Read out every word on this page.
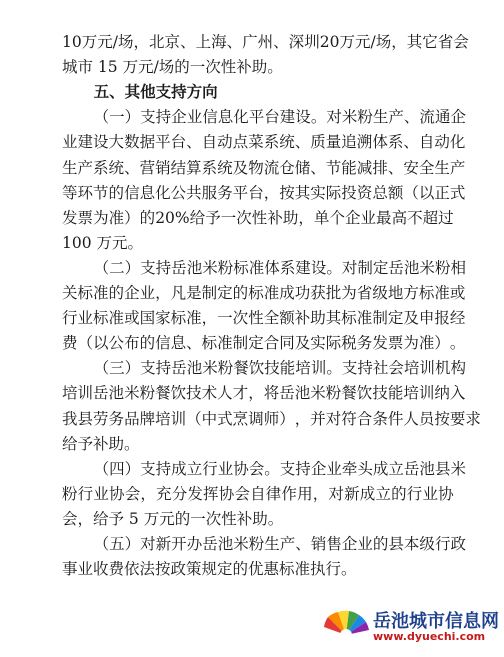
10 万 元 / 场 ， 北 京 、 上 海 、 广 州 、 深 圳 20 万 元 / 场 ， 其 它 省 会
城市 15 万元/场的一次性补助。
五、其他支持方向
（ 一 ） 支 持 企 业 信 息 化 平 台 建 设 。 对 米 粉 生 产 、 流 通 企
业 建 设 大 数 据 平 台 、 自 动 点 菜 系 统 、 质 量 追 溯 体 系 、 自 动 化
生 产 系 统 、 营 销 结 算 系 统 及 物 流 仓 储 、 节 能 减 排 、 安 全 生 产
等 环 节 的 信 息 化 公 共 服 务 平 台 ， 按 其 实 际 投 资 总 额 （ 以 正 式
发 票 为 准 ） 的 20% 给 予 一 次 性 补 助 ， 单 个 企 业 最 高 不 超 过
100 万元。
（ 二 ） 支 持 岳 池 米 粉 标 准 体 系 建 设 。 对 制 定 岳 池 米 粉 相
关 标 准 的 企 业 ， 凡 是 制 定 的 标 准 成 功 获 批 为 省 级 地 方 标 准 或
行 业 标 准 或 国 家 标 准 ， 一 次 性 全 额 补 助 其 标 准 制 定 及 申 报 经
费 （ 以 公 布 的 信 息 、 标 准 制 定 合 同 及 实 际 税 务 发 票 为 准 ） 。
（ 三 ） 支 持 岳 池 米 粉 餐 饮 技 能 培 训 。 支 持 社 会 培 训 机 构
培 训 岳 池 米 粉 餐 饮 技 术 人 才 ， 将 岳 池 米 粉 餐 饮 技 能 培 训 纳 入
我 县 劳 务 品 牌 培 训 （ 中 式 烹 调 师 ） ， 并 对 符 合 条 件 人 员 按 要 求
给予补助。
（ 四 ） 支 持 成 立 行 业 协 会 。 支 持 企 业 牵 头 成 立 岳 池 县 米
粉 行 业 协 会 ， 充 分 发 挥 协 会 自 律 作 用 ， 对 新 成 立 的 行 业 协
会，给予 5 万元的一次性补助。
（ 五 ） 对 新 开 办 岳 池 米 粉 生 产 、 销 售 企 业 的 县 本 级 行 政
事业收费依法按政策规定的优惠标准执行。
岳池城市信息网
www.dyuechi.com
